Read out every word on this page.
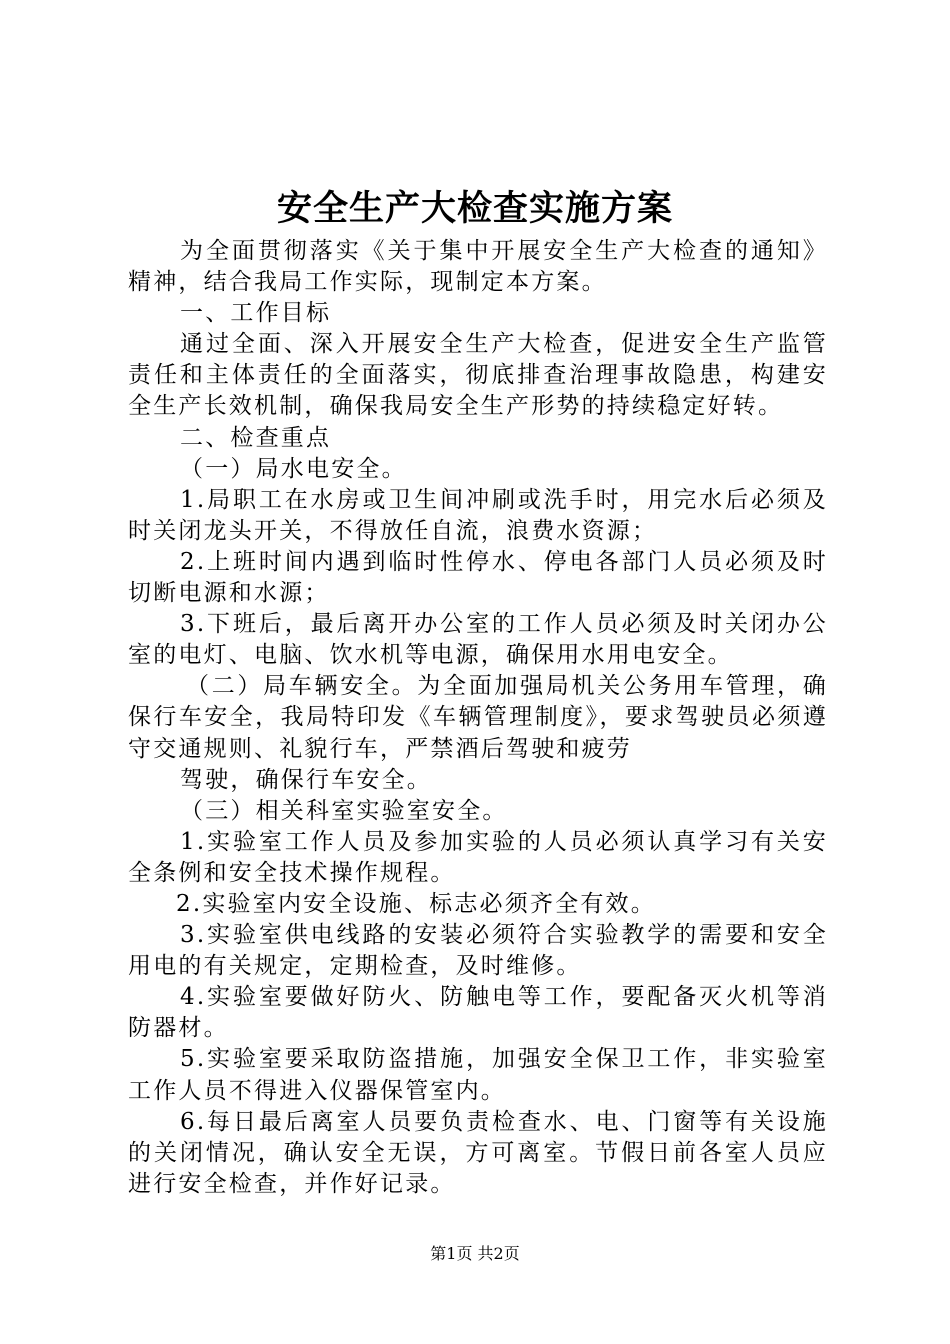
安全生产大检查实施方案

为全面贯彻落实《关于集中开展安全生产大检查的通知》精神，结合我局工作实际，现制定本方案。

一、工作目标

通过全面、深入开展安全生产大检查，促进安全生产监管责任和主体责任的全面落实，彻底排查治理事故隐患，构建安全生产长效机制，确保我局安全生产形势的持续稳定好转。

二、检查重点

（一）局水电安全。

1.局职工在水房或卫生间冲刷或洗手时，用完水后必须及时关闭龙头开关，不得放任自流，浪费水资源；

2.上班时间内遇到临时性停水、停电各部门人员必须及时切断电源和水源；

3.下班后，最后离开办公室的工作人员必须及时关闭办公室的电灯、电脑、饮水机等电源，确保用水用电安全。

（二）局车辆安全。为全面加强局机关公务用车管理，确保行车安全，我局特印发《车辆管理制度》，要求驾驶员必须遵守交通规则、礼貌行车，严禁酒后驾驶和疲劳

驾驶，确保行车安全。

（三）相关科室实验室安全。

1.实验室工作人员及参加实验的人员必须认真学习有关安全条例和安全技术操作规程。

2.实验室内安全设施、标志必须齐全有效。

3.实验室供电线路的安装必须符合实验教学的需要和安全用电的有关规定，定期检查，及时维修。

4.实验室要做好防火、防触电等工作，要配备灭火机等消防器材。

5.实验室要采取防盗措施，加强安全保卫工作，非实验室工作人员不得进入仪器保管室内。

6.每日最后离室人员要负责检查水、电、门窗等有关设施的关闭情况，确认安全无误，方可离室。节假日前各室人员应进行安全检查，并作好记录。

第1页 共2页
